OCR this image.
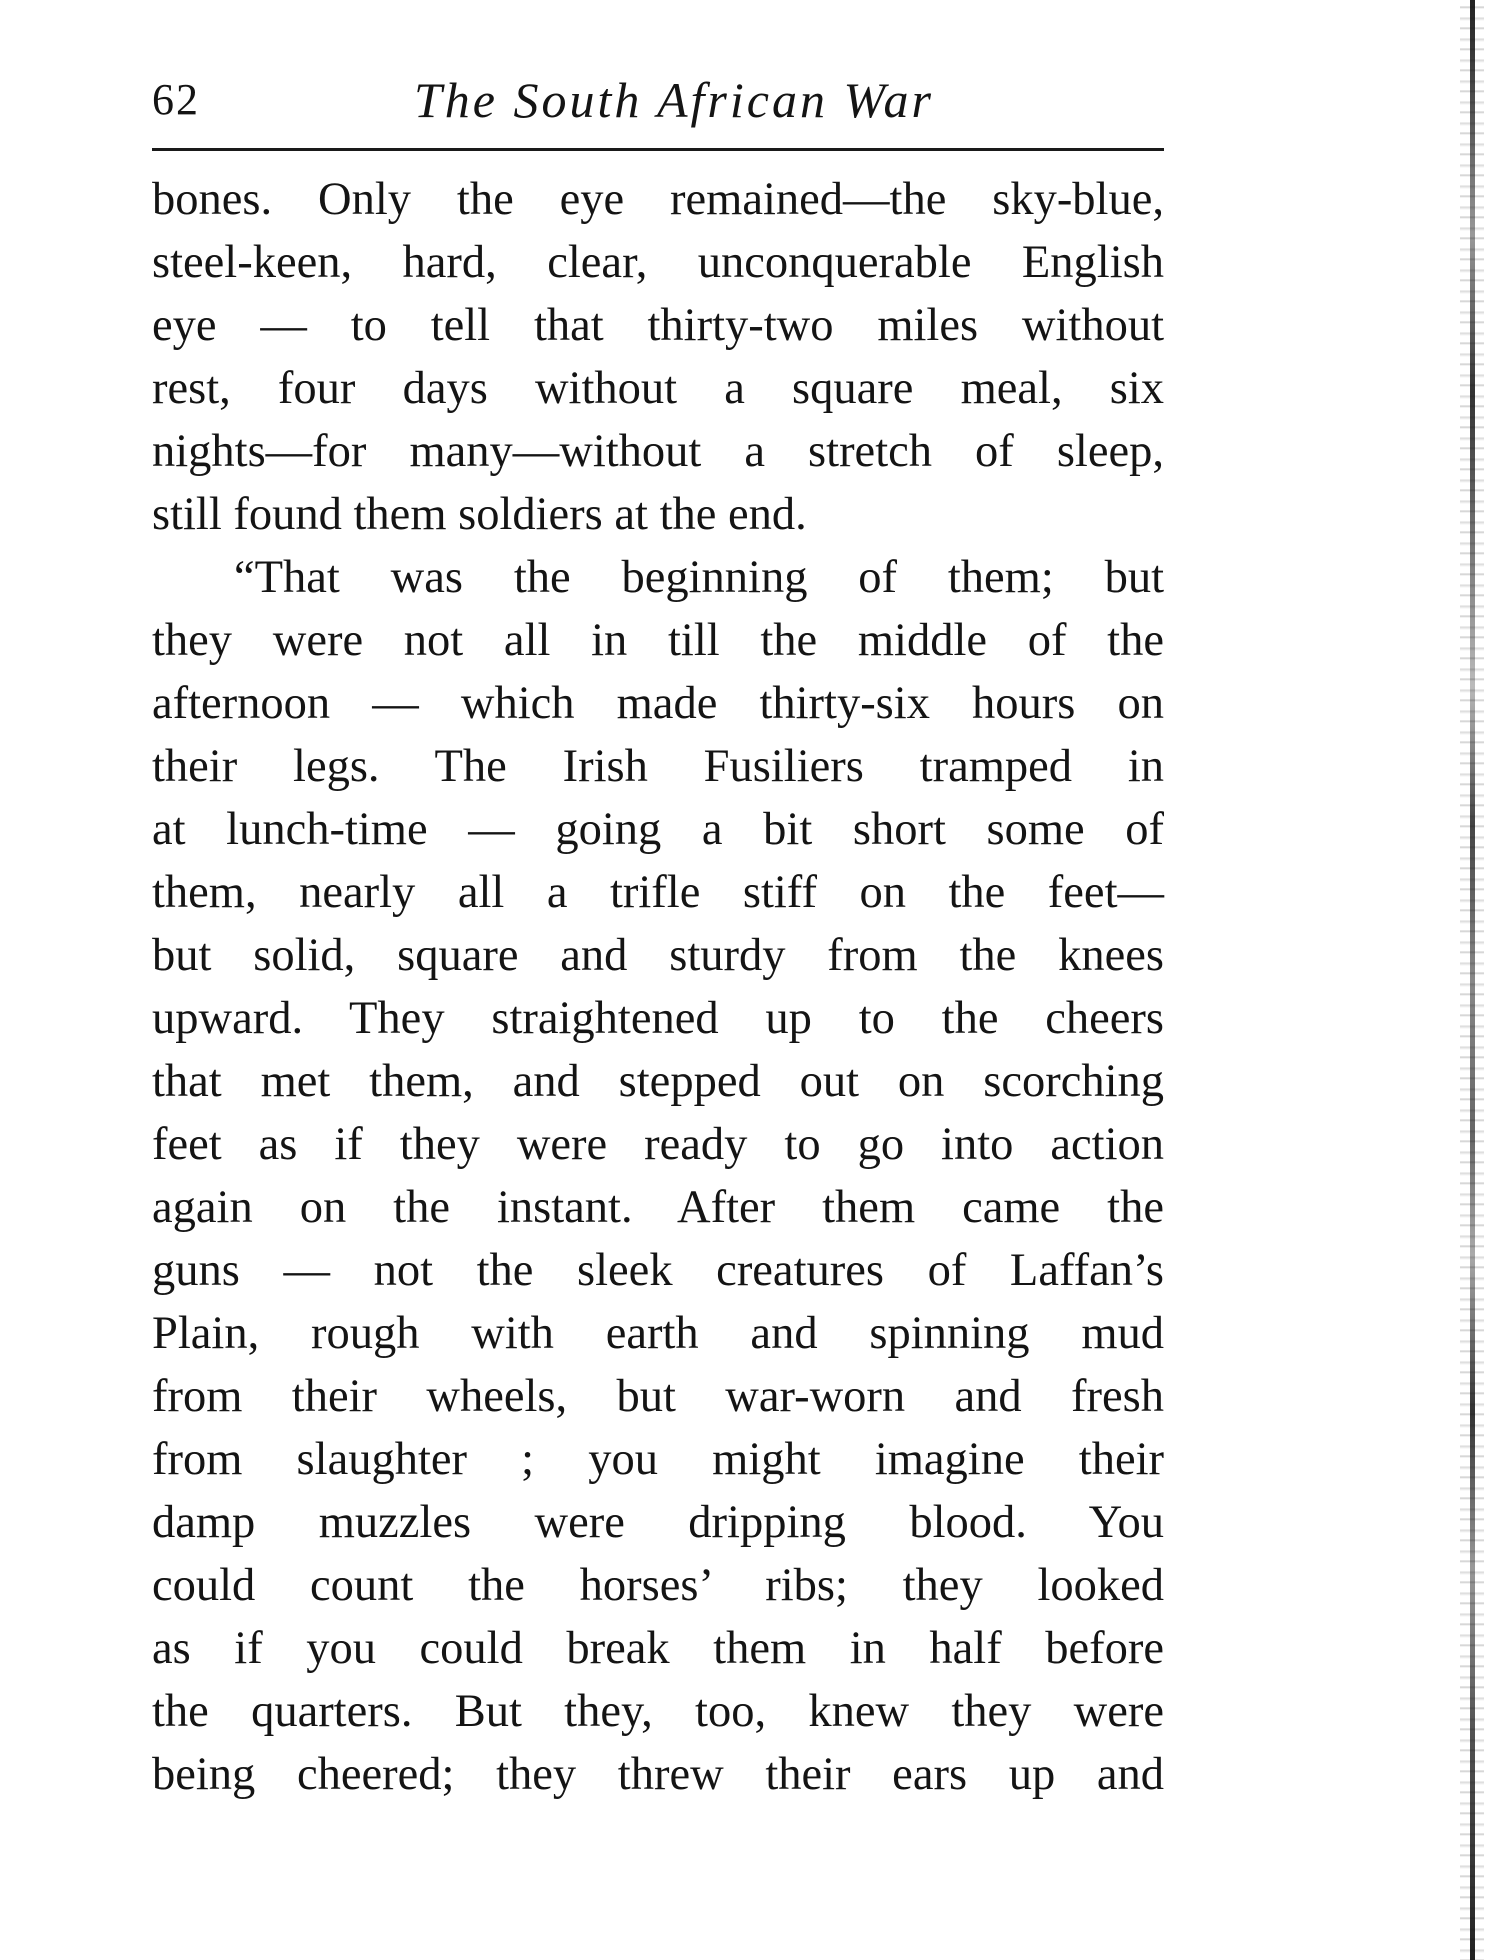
62	The South African War
bones. Only the eye remained—the sky-blue,
steel-keen, hard, clear, unconquerable English
eye — to tell that thirty-two miles without
rest, four days without a square meal, six
nights—for many—without a stretch of sleep,
still found them soldiers at the end.
“That was the beginning of them; but
they were not all in till the middle of the
afternoon — which made thirty-six hours on
their legs. The Irish Fusiliers tramped in
at lunch-time — going a bit short some of
them, nearly all a trifle stiff on the feet—
but solid, square and sturdy from the knees
upward. They straightened up to the cheers
that met them, and stepped out on scorching
feet as if they were ready to go into action
again on the instant. After them came the
guns — not the sleek creatures of Laffan’s
Plain, rough with earth and spinning mud
from their wheels, but war-worn and fresh
from slaughter ; you might imagine their
damp muzzles were dripping blood. You
could count the horses’ ribs; they looked
as if you could break them in half before
the quarters. But they, too, knew they were
being cheered; they threw their ears up and
